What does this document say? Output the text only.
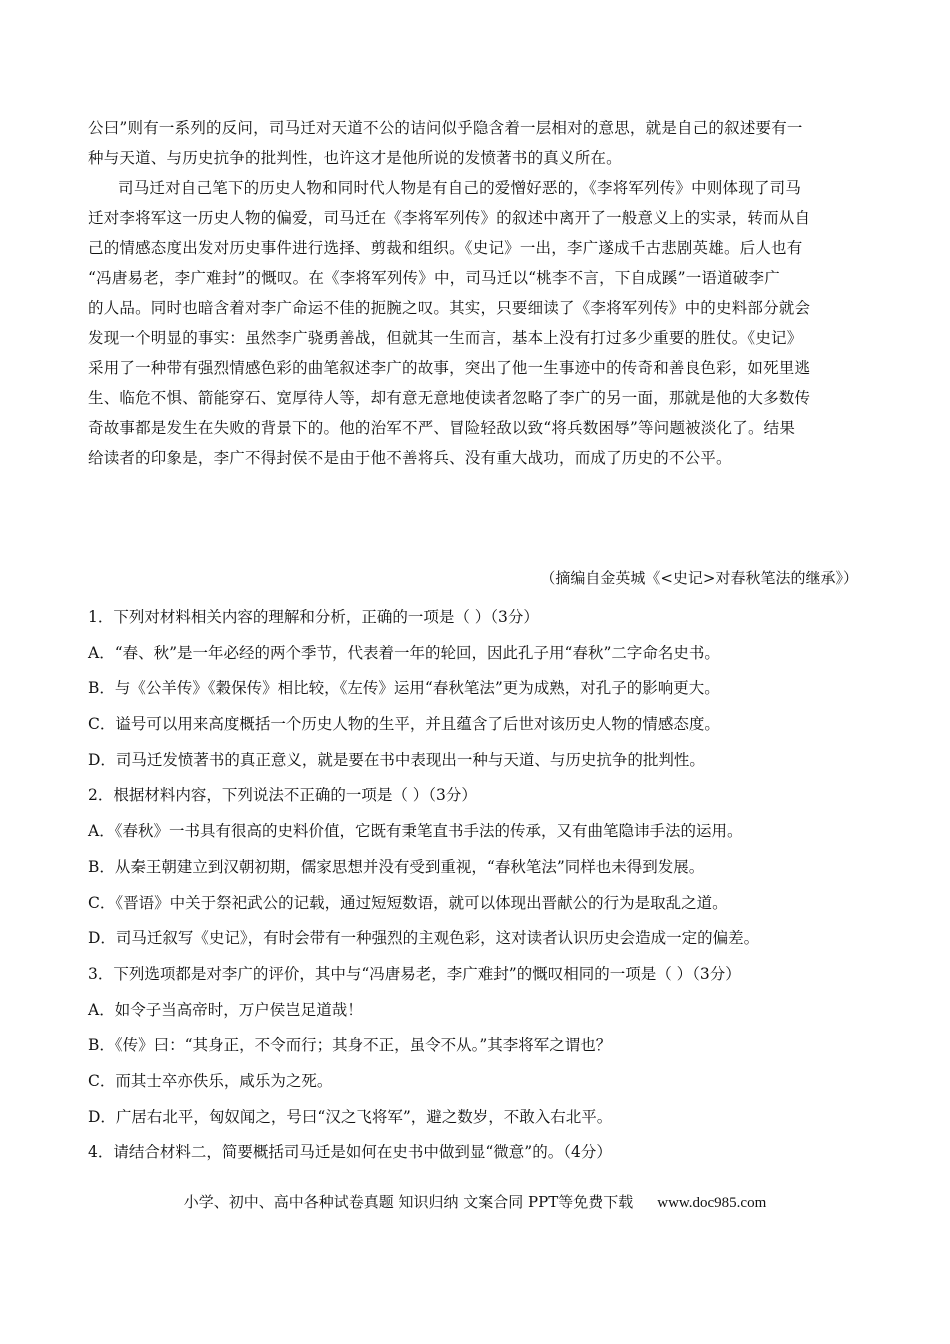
公曰”则有一系列的反问，司马迁对天道不公的诘问似乎隐含着一层相对的意思，就是自己的叙述要有一
种与天道、与历史抗争的批判性，也许这才是他所说的发愤著书的真义所在。
司马迁对自己笔下的历史人物和同时代人物是有自己的爱憎好恶的，《李将军列传》中则体现了司马
迁对李将军这一历史人物的偏爱，司马迁在《李将军列传》的叙述中离开了一般意义上的实录，转而从自
己的情感态度出发对历史事件进行选择、剪裁和组织。《史记》一出，李广遂成千古悲剧英雄。后人也有
“冯唐易老，李广难封”的慨叹。在《李将军列传》中，司马迁以“桃李不言，下自成蹊”一语道破李广
的人品。同时也暗含着对李广命运不佳的扼腕之叹。其实，只要细读了《李将军列传》中的史料部分就会
发现一个明显的事实：虽然李广骁勇善战，但就其一生而言，基本上没有打过多少重要的胜仗。《史记》
采用了一种带有强烈情感色彩的曲笔叙述李广的故事，突出了他一生事迹中的传奇和善良色彩，如死里逃
生、临危不惧、箭能穿石、宽厚待人等，却有意无意地使读者忽略了李广的另一面，那就是他的大多数传
奇故事都是发生在失败的背景下的。他的治军不严、冒险轻敌以致“将兵数困辱”等问题被淡化了。结果
给读者的印象是，李广不得封侯不是由于他不善将兵、没有重大战功，而成了历史的不公平。
（摘编自金英城《<史记>对春秋笔法的继承》）
1．下列对材料相关内容的理解和分析，正确的一项是（ ）（3分）
A．“春、秋”是一年必经的两个季节，代表着一年的轮回，因此孔子用“春秋”二字命名史书。
B．与《公羊传》《穀保传》相比较，《左传》运用“春秋笔法”更为成熟，对孔子的影响更大。
C．谥号可以用来高度概括一个历史人物的生平，并且蕴含了后世对该历史人物的情感态度。
D．司马迁发愤著书的真正意义，就是要在书中表现出一种与天道、与历史抗争的批判性。
2．根据材料内容，下列说法不正确的一项是（ ）（3分）
A．《春秋》一书具有很高的史料价值，它既有秉笔直书手法的传承，又有曲笔隐讳手法的运用。
B．从秦王朝建立到汉朝初期，儒家思想并没有受到重视，“春秋笔法”同样也未得到发展。
C．《晋语》中关于祭祀武公的记载，通过短短数语，就可以体现出晋献公的行为是取乱之道。
D．司马迁叙写《史记》，有时会带有一种强烈的主观色彩，这对读者认识历史会造成一定的偏差。
3．下列选项都是对李广的评价，其中与“冯唐易老，李广难封”的慨叹相同的一项是（ ）（3分）
A．如令子当高帝时，万户侯岂足道哉！
B．《传》曰：“其身正，不令而行；其身不正，虽令不从。”其李将军之谓也？
C．而其士卒亦佚乐，咸乐为之死。
D．广居右北平，匈奴闻之，号曰“汉之飞将军”，避之数岁，不敢入右北平。
4．请结合材料二，简要概括司马迁是如何在史书中做到显“微意”的。（4分）
小学、初中、高中各种试卷真题 知识归纳 文案合同 PPT等免费下载 www.doc985.com
